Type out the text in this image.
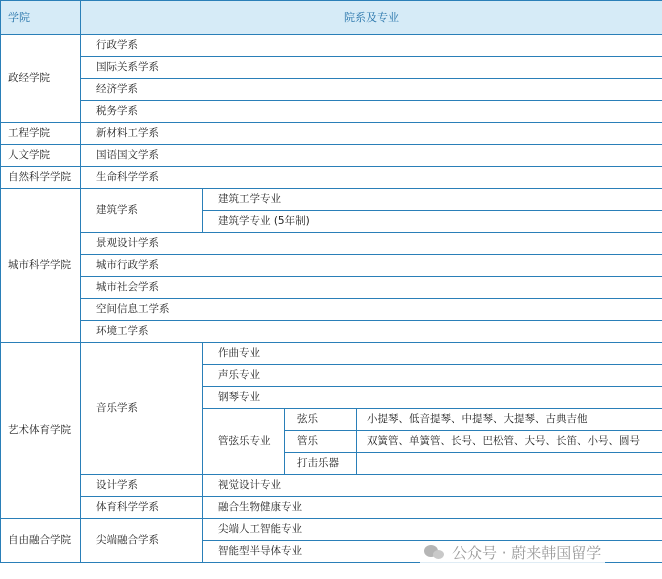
学院	院系及专业			
政经学院	行政学系			
	国际关系学系			
	经济学系			
	税务学系			
工程学院	新材料工学系			
人文学院	国语国文学系			
自然科学学院	生命科学学系			
城市科学学院	建筑学系	建筑工学专业		
		建筑学专业 (5年制)		
	景观设计学系			
	城市行政学系			
	城市社会学系			
	空间信息工学系			
	环境工学系			
艺术体育学院	音乐学系	作曲专业		
		声乐专业		
		钢琴专业		
		管弦乐专业	弦乐	小提琴、低音提琴、中提琴、大提琴、古典吉他
			管乐	双簧管、单簧管、长号、巴松管、大号、长笛、小号、圆号
			打击乐器	
	设计学系	视觉设计专业		
	体育科学学系	融合生物健康专业		
自由融合学院	尖端融合学系	尖端人工智能专业		
		智能型半导体专业			公众号 · 蔚来韩国留学
